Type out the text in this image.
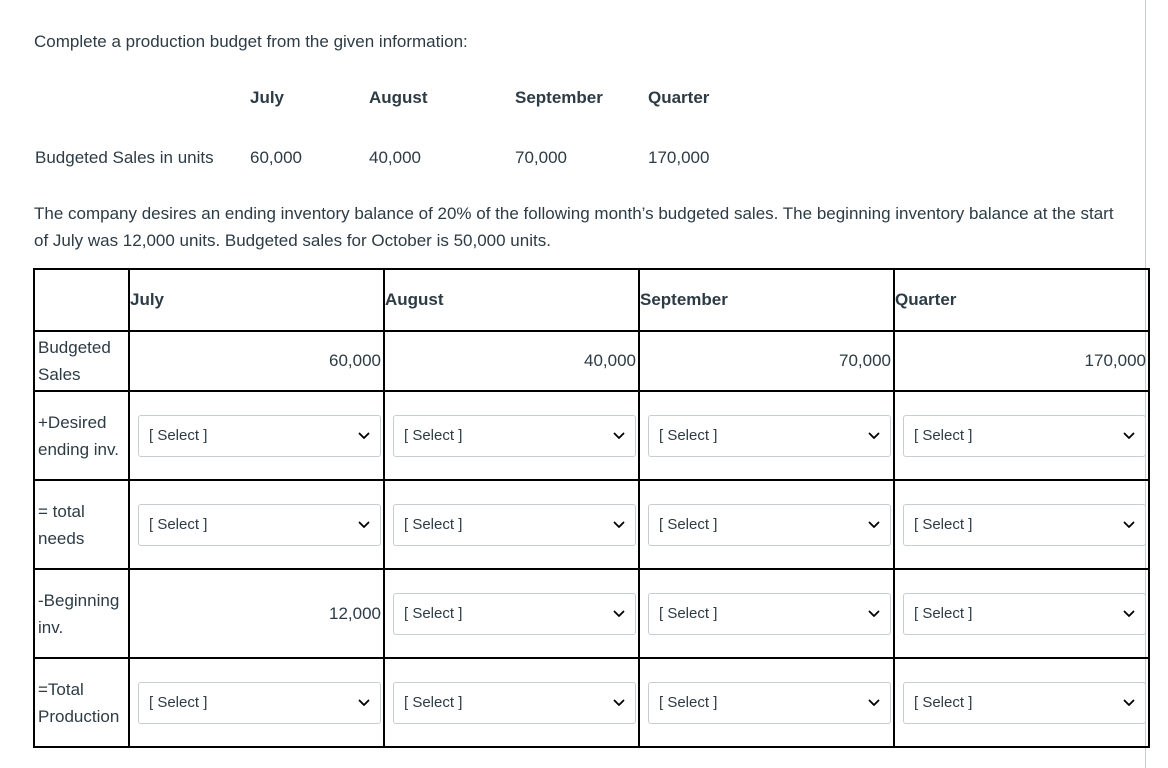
Complete a production budget from the given information:

July	August	September	Quarter
Budgeted Sales in units 60,000	40,000	70,000	170,000

The company desires an ending inventory balance of 20% of the following month’s budgeted sales. The beginning inventory balance at the start of July was 12,000 units. Budgeted sales for October is 50,000 units.

	July	August	September	Quarter
Budgeted Sales	60,000	40,000	70,000	170,000
+Desired ending inv.	[ Select ]	[ Select ]	[ Select ]	[ Select ]

= total needs	[ Select ]	[ Select ]	[ Select ]	[ Select ]

-Beginning inv.	12,000	[ Select ]	[ Select ]	[ Select ]

=Total Production	[ Select ]	[ Select ]	[ Select ]	[ Select ]
